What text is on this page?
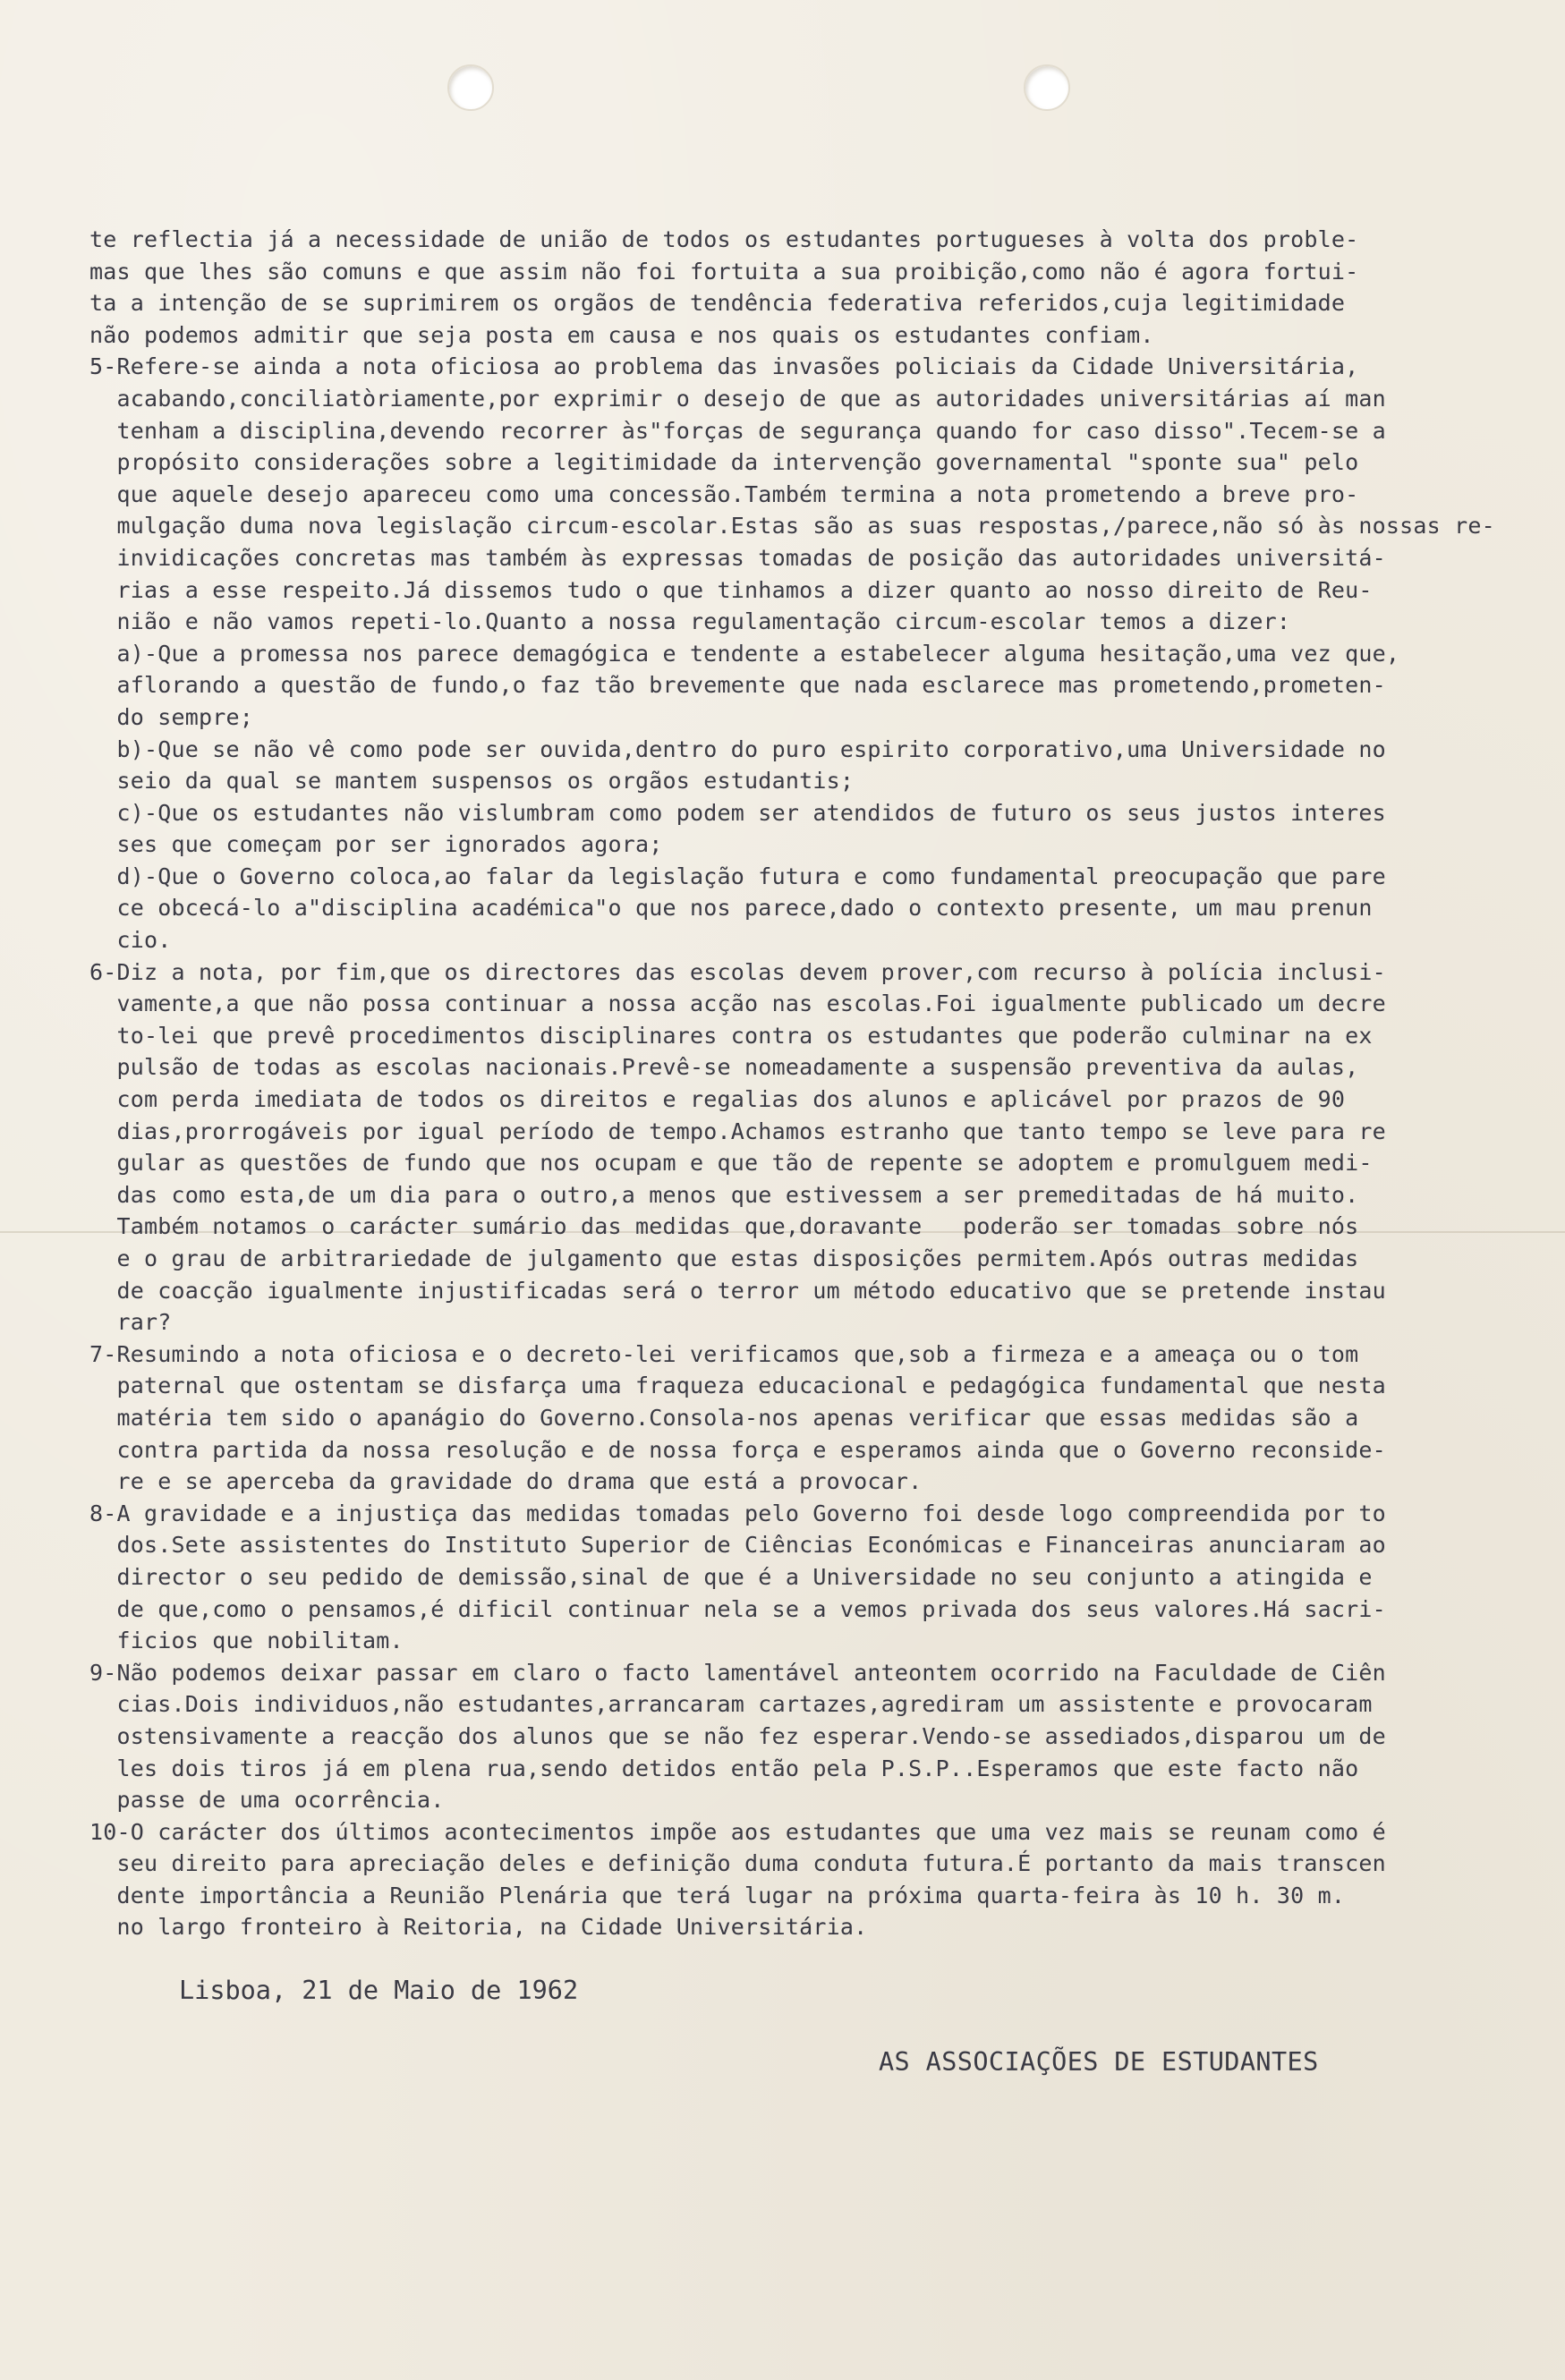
te reflectia já a necessidade de união de todos os estudantes portugueses à volta dos proble-
mas que lhes são comuns e que assim não foi fortuita a sua proibição,como não é agora fortui-
ta a intenção de se suprimirem os orgãos de tendência federativa referidos,cuja legitimidade
não podemos admitir que seja posta em causa e nos quais os estudantes confiam.
5-Refere-se ainda a nota oficiosa ao problema das invasões policiais da Cidade Universitária,
acabando,conciliatòriamente,por exprimir o desejo de que as autoridades universitárias aí man
tenham a disciplina,devendo recorrer às"forças de segurança quando for caso disso".Tecem-se a
propósito considerações sobre a legitimidade da intervenção governamental "sponte sua" pelo
que aquele desejo apareceu como uma concessão.Também termina a nota prometendo a breve pro-
mulgação duma nova legislação circum-escolar.Estas são as suas respostas,/parece,não só às nossas re-
invidicações concretas mas também às expressas tomadas de posição das autoridades universitá-
rias a esse respeito.Já dissemos tudo o que tinhamos a dizer quanto ao nosso direito de Reu-
nião e não vamos repeti-lo.Quanto a nossa regulamentação circum-escolar temos a dizer:
a)-Que a promessa nos parece demagógica e tendente a estabelecer alguma hesitação,uma vez que,
aflorando a questão de fundo,o faz tão brevemente que nada esclarece mas prometendo,prometen-
do sempre;
b)-Que se não vê como pode ser ouvida,dentro do puro espirito corporativo,uma Universidade no
seio da qual se mantem suspensos os orgãos estudantis;
c)-Que os estudantes não vislumbram como podem ser atendidos de futuro os seus justos interes
ses que começam por ser ignorados agora;
d)-Que o Governo coloca,ao falar da legislação futura e como fundamental preocupação que pare
ce obcecá-lo a"disciplina académica"o que nos parece,dado o contexto presente, um mau prenun
cio.
6-Diz a nota, por fim,que os directores das escolas devem prover,com recurso à polícia inclusi-
vamente,a que não possa continuar a nossa acção nas escolas.Foi igualmente publicado um decre
to-lei que prevê procedimentos disciplinares contra os estudantes que poderão culminar na ex
pulsão de todas as escolas nacionais.Prevê-se nomeadamente a suspensão preventiva da aulas,
com perda imediata de todos os direitos e regalias dos alunos e aplicável por prazos de 90
dias,prorrogáveis por igual período de tempo.Achamos estranho que tanto tempo se leve para re
gular as questões de fundo que nos ocupam e que tão de repente se adoptem e promulguem medi-
das como esta,de um dia para o outro,a menos que estivessem a ser premeditadas de há muito.
Também notamos o carácter sumário das medidas que,doravante   poderão ser tomadas sobre nós
e o grau de arbitrariedade de julgamento que estas disposições permitem.Após outras medidas
de coacção igualmente injustificadas será o terror um método educativo que se pretende instau
rar?
7-Resumindo a nota oficiosa e o decreto-lei verificamos que,sob a firmeza e a ameaça ou o tom
paternal que ostentam se disfarça uma fraqueza educacional e pedagógica fundamental que nesta
matéria tem sido o apanágio do Governo.Consola-nos apenas verificar que essas medidas são a
contra partida da nossa resolução e de nossa força e esperamos ainda que o Governo reconside-
re e se aperceba da gravidade do drama que está a provocar.
8-A gravidade e a injustiça das medidas tomadas pelo Governo foi desde logo compreendida por to
dos.Sete assistentes do Instituto Superior de Ciências Económicas e Financeiras anunciaram ao
director o seu pedido de demissão,sinal de que é a Universidade no seu conjunto a atingida e
de que,como o pensamos,é dificil continuar nela se a vemos privada dos seus valores.Há sacri-
ficios que nobilitam.
9-Não podemos deixar passar em claro o facto lamentável anteontem ocorrido na Faculdade de Ciên
cias.Dois individuos,não estudantes,arrancaram cartazes,agrediram um assistente e provocaram
ostensivamente a reacção dos alunos que se não fez esperar.Vendo-se assediados,disparou um de
les dois tiros já em plena rua,sendo detidos então pela P.S.P..Esperamos que este facto não
passe de uma ocorrência.
10-O carácter dos últimos acontecimentos impõe aos estudantes que uma vez mais se reunam como é
seu direito para apreciação deles e definição duma conduta futura.É portanto da mais transcen
dente importância a Reunião Plenária que terá lugar na próxima quarta-feira às 10 h. 30 m.
no largo fronteiro à Reitoria, na Cidade Universitária.
Lisboa, 21 de Maio de 1962
AS ASSOCIAÇÕES DE ESTUDANTES
